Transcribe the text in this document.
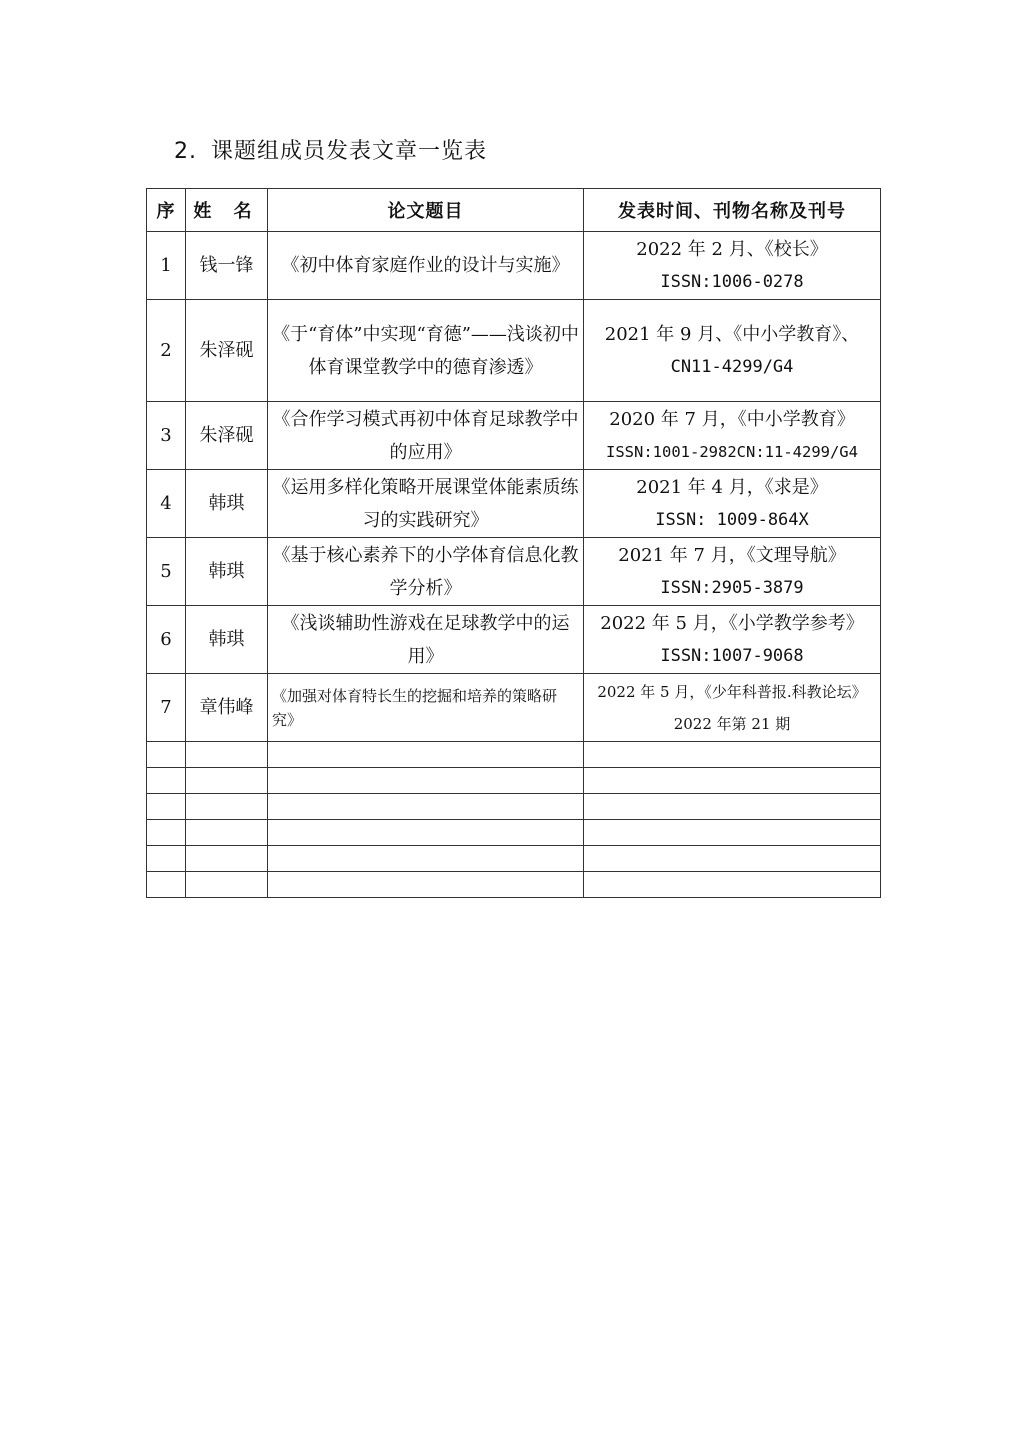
2. 课题组成员发表文章一览表
序	姓 名	论文题目	发表时间、刊物名称及刊号
1	钱一锋	《初中体育家庭作业的设计与实施》	2022 年 2 月、《校长》
ISSN:1006-0278

2	朱泽砚	《于“育体”中实现“育德”——浅谈初中体育课堂教学中的德育渗透》	2021 年 9 月、《中小学教育》、
CN11-4299/G4

3	朱泽砚	《合作学习模式再初中体育足球教学中的应用》	2020 年 7 月，《中小学教育》
ISSN:1001-2982CN:11-4299/G4

4	韩琪	《运用多样化策略开展课堂体能素质练习的实践研究》	2021 年 4 月，《求是》
ISSN: 1009-864X

5	韩琪	《基于核心素养下的小学体育信息化教学分析》	2021 年 7 月，《文理导航》
ISSN:2905-3879

6	韩琪	《浅谈辅助性游戏在足球教学中的运用》	2022 年 5 月，《小学教学参考》
ISSN:1007-9068

7	章伟峰	《加强对体育特长生的挖掘和培养的策略研究》	2022 年 5 月，《少年科普报.科教论坛》
2022 年第 21 期
